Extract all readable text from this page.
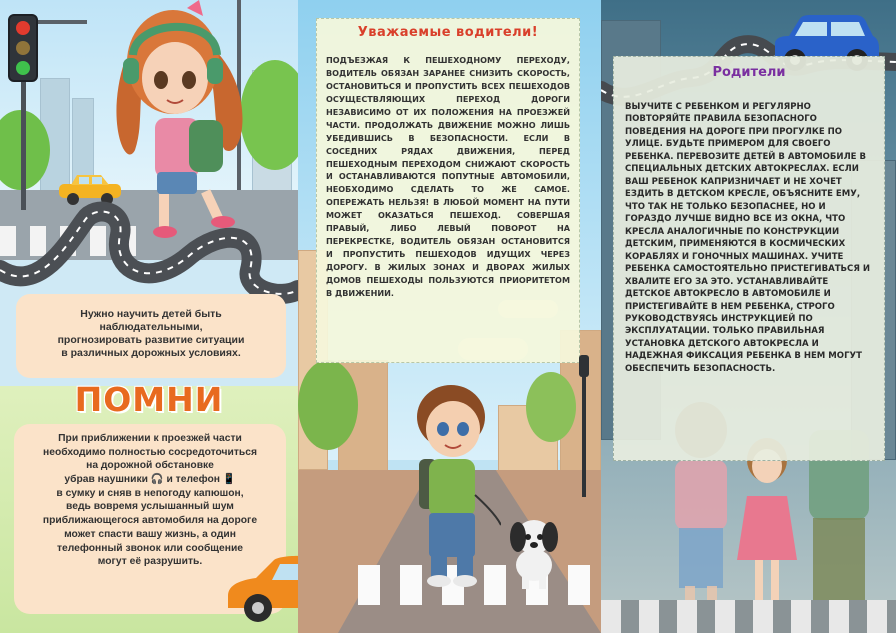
Нужно научить детей быть
наблюдательными,
прогнозировать развитие ситуации
в различных дорожных условиях.
ПОМНИ
При приближении к проезжей части
необходимо полностью сосредоточиться
на дорожной обстановке
убрав наушники 🎧 и телефон 📱
в сумку и сняв в непогоду капюшон,
ведь вовремя услышанный шум
приближающегося автомобиля на дороге
может спасти вашу жизнь, а один
телефонный звонок или сообщение
могут её разрушить.
Уважаемые водители!
ПОДЪЕЗЖАЯ К ПЕШЕХОДНОМУ ПЕРЕХОДУ, ВОДИТЕЛЬ ОБЯЗАН ЗАРАНЕЕ СНИЗИТЬ СКОРОСТЬ, ОСТАНОВИТЬСЯ И ПРОПУСТИТЬ ВСЕХ ПЕШЕХОДОВ ОСУЩЕСТВЛЯЮЩИХ ПЕРЕХОД ДОРОГИ НЕЗАВИСИМО ОТ ИХ ПОЛОЖЕНИЯ НА ПРОЕЗЖЕЙ ЧАСТИ. ПРОДОЛЖАТЬ ДВИЖЕНИЕ МОЖНО ЛИШЬ УБЕДИВШИСЬ В БЕЗОПАСНОСТИ. ЕСЛИ В СОСЕДНИХ РЯДАХ ДВИЖЕНИЯ, ПЕРЕД ПЕШЕХОДНЫМ ПЕРЕХОДОМ СНИЖАЮТ СКОРОСТЬ И ОСТАНАВЛИВАЮТСЯ ПОПУТНЫЕ АВТОМОБИЛИ, НЕОБХОДИМО СДЕЛАТЬ ТО ЖЕ САМОЕ. ОПЕРЕЖАТЬ НЕЛЬЗЯ! В ЛЮБОЙ МОМЕНТ НА ПУТИ МОЖЕТ ОКАЗАТЬСЯ ПЕШЕХОД. СОВЕРШАЯ ПРАВЫЙ, ЛИБО ЛЕВЫЙ ПОВОРОТ НА ПЕРЕКРЕСТКЕ, ВОДИТЕЛЬ ОБЯЗАН ОСТАНОВИТСЯ И ПРОПУСТИТЬ ПЕШЕХОДОВ ИДУЩИХ ЧЕРЕЗ ДОРОГУ. В ЖИЛЫХ ЗОНАХ И ДВОРАХ ЖИЛЫХ ДОМОВ ПЕШЕХОДЫ ПОЛЬЗУЮТСЯ ПРИОРИТЕТОМ В ДВИЖЕНИИ.
Родители
ВЫУЧИТЕ С РЕБЕНКОМ И РЕГУЛЯРНО ПОВТОРЯЙТЕ ПРАВИЛА БЕЗОПАСНОГО ПОВЕДЕНИЯ НА ДОРОГЕ ПРИ ПРОГУЛКЕ ПО УЛИЦЕ. БУДЬТЕ ПРИМЕРОМ ДЛЯ СВОЕГО РЕБЕНКА. ПЕРЕВОЗИТЕ ДЕТЕЙ В АВТОМОБИЛЕ В СПЕЦИАЛЬНЫХ ДЕТСКИХ АВТОКРЕСЛАХ. ЕСЛИ ВАШ РЕБЕНОК КАПРИЗНИЧАЕТ И НЕ ХОЧЕТ ЕЗДИТЬ В ДЕТСКОМ КРЕСЛЕ, ОБЪЯСНИТЕ ЕМУ, ЧТО ТАК НЕ ТОЛЬКО БЕЗОПАСНЕЕ, НО И ГОРАЗДО ЛУЧШЕ ВИДНО ВСЕ ИЗ ОКНА, ЧТО КРЕСЛА АНАЛОГИЧНЫЕ ПО КОНСТРУКЦИИ ДЕТСКИМ, ПРИМЕНЯЮТСЯ В КОСМИЧЕСКИХ КОРАБЛЯХ И ГОНОЧНЫХ МАШИНАХ. УЧИТЕ РЕБЕНКА САМОСТОЯТЕЛЬНО ПРИСТЕГИВАТЬСЯ И ХВАЛИТЕ ЕГО ЗА ЭТО. УСТАНАВЛИВАЙТЕ ДЕТСКОЕ АВТОКРЕСЛО В АВТОМОБИЛЕ И ПРИСТЕГИВАЙТЕ В НЕМ РЕБЕНКА, СТРОГО РУКОВОДСТВУЯСЬ ИНСТРУКЦИЕЙ ПО ЭКСПЛУАТАЦИИ. ТОЛЬКО ПРАВИЛЬНАЯ УСТАНОВКА ДЕТСКОГО АВТОКРЕСЛА И НАДЕЖНАЯ ФИКСАЦИЯ РЕБЕНКА В НЕМ МОГУТ ОБЕСПЕЧИТЬ БЕЗОПАСНОСТЬ.
